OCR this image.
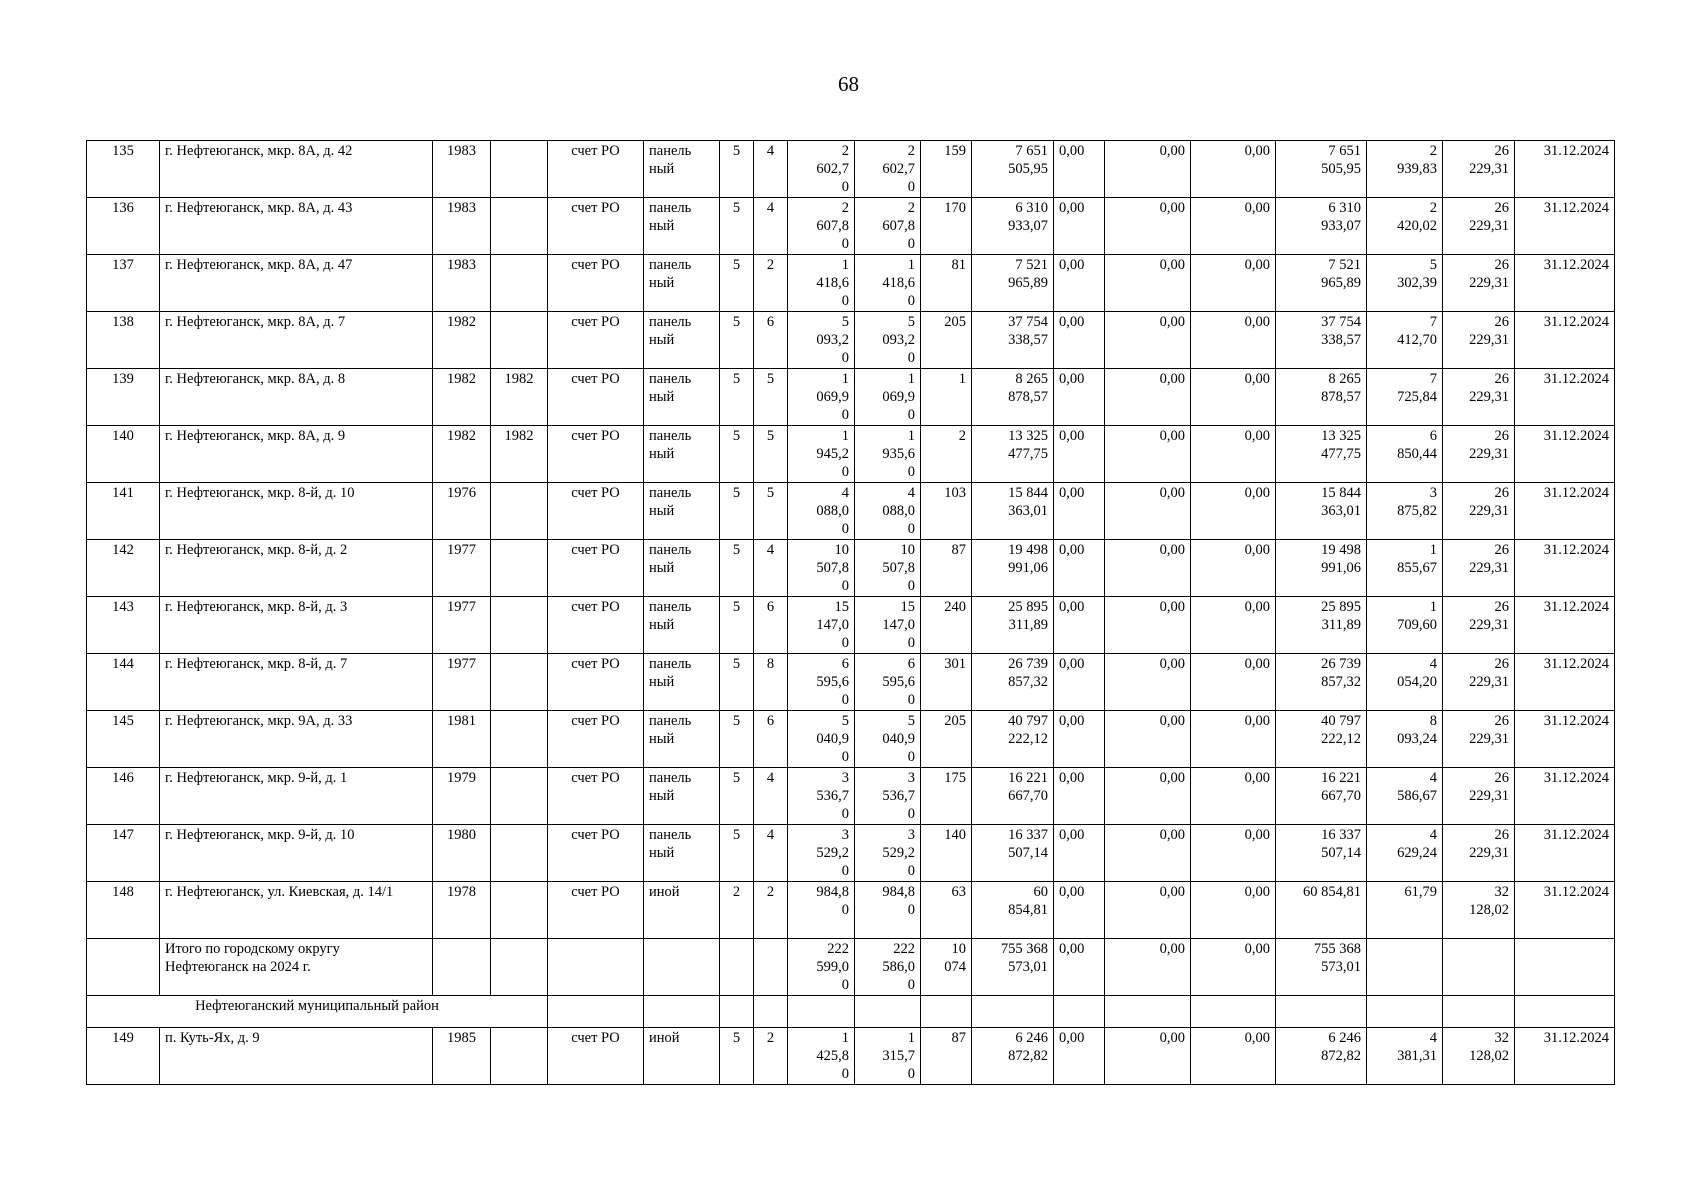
68
135	г. Нефтеюганск, мкр. 8А, д. 42	1983		счет РО	панель
ный	5	4	2
602,7
0	2
602,7
0	159	7 651
505,95	0,00	0,00	0,00	7 651
505,95	2
939,83	26
229,31	31.12.2024
136	г. Нефтеюганск, мкр. 8А, д. 43	1983		счет РО	панель
ный	5	4	2
607,8
0	2
607,8
0	170	6 310
933,07	0,00	0,00	0,00	6 310
933,07	2
420,02	26
229,31	31.12.2024
137	г. Нефтеюганск, мкр. 8А, д. 47	1983		счет РО	панель
ный	5	2	1
418,6
0	1
418,6
0	81	7 521
965,89	0,00	0,00	0,00	7 521
965,89	5
302,39	26
229,31	31.12.2024
138	г. Нефтеюганск, мкр. 8А, д. 7	1982		счет РО	панель
ный	5	6	5
093,2
0	5
093,2
0	205	37 754
338,57	0,00	0,00	0,00	37 754
338,57	7
412,70	26
229,31	31.12.2024
139	г. Нефтеюганск, мкр. 8А, д. 8	1982	1982	счет РО	панель
ный	5	5	1
069,9
0	1
069,9
0	1	8 265
878,57	0,00	0,00	0,00	8 265
878,57	7
725,84	26
229,31	31.12.2024
140	г. Нефтеюганск, мкр. 8А, д. 9	1982	1982	счет РО	панель
ный	5	5	1
945,2
0	1
935,6
0	2	13 325
477,75	0,00	0,00	0,00	13 325
477,75	6
850,44	26
229,31	31.12.2024
141	г. Нефтеюганск, мкр. 8-й, д. 10	1976		счет РО	панель
ный	5	5	4
088,0
0	4
088,0
0	103	15 844
363,01	0,00	0,00	0,00	15 844
363,01	3
875,82	26
229,31	31.12.2024
142	г. Нефтеюганск, мкр. 8-й, д. 2	1977		счет РО	панель
ный	5	4	10
507,8
0	10
507,8
0	87	19 498
991,06	0,00	0,00	0,00	19 498
991,06	1
855,67	26
229,31	31.12.2024
143	г. Нефтеюганск, мкр. 8-й, д. 3	1977		счет РО	панель
ный	5	6	15
147,0
0	15
147,0
0	240	25 895
311,89	0,00	0,00	0,00	25 895
311,89	1
709,60	26
229,31	31.12.2024
144	г. Нефтеюганск, мкр. 8-й, д. 7	1977		счет РО	панель
ный	5	8	6
595,6
0	6
595,6
0	301	26 739
857,32	0,00	0,00	0,00	26 739
857,32	4
054,20	26
229,31	31.12.2024
145	г. Нефтеюганск, мкр. 9А, д. 33	1981		счет РО	панель
ный	5	6	5
040,9
0	5
040,9
0	205	40 797
222,12	0,00	0,00	0,00	40 797
222,12	8
093,24	26
229,31	31.12.2024
146	г. Нефтеюганск, мкр. 9-й, д. 1	1979		счет РО	панель
ный	5	4	3
536,7
0	3
536,7
0	175	16 221
667,70	0,00	0,00	0,00	16 221
667,70	4
586,67	26
229,31	31.12.2024
147	г. Нефтеюганск, мкр. 9-й, д. 10	1980		счет РО	панель
ный	5	4	3
529,2
0	3
529,2
0	140	16 337
507,14	0,00	0,00	0,00	16 337
507,14	4
629,24	26
229,31	31.12.2024
148	г. Нефтеюганск, ул. Киевская, д. 14/1	1978		счет РО	иной	2	2	984,8
0	984,8
0	63	60
854,81	0,00	0,00	0,00	60 854,81	61,79	32
128,02	31.12.2024
	Итого по городскому округу Нефтеюганск на 2024 г.							222
599,0
0	222
586,0
0	10
074	755 368
573,01	0,00	0,00	0,00	755 368
573,01			

Нефтеюганский муниципальный район																		
149	п. Куть-Ях, д. 9	1985		счет РО	иной	5	2	1
425,8
0	1
315,7
0	87	6 246
872,82	0,00	0,00	0,00	6 246
872,82	4
381,31	32
128,02	31.12.2024
